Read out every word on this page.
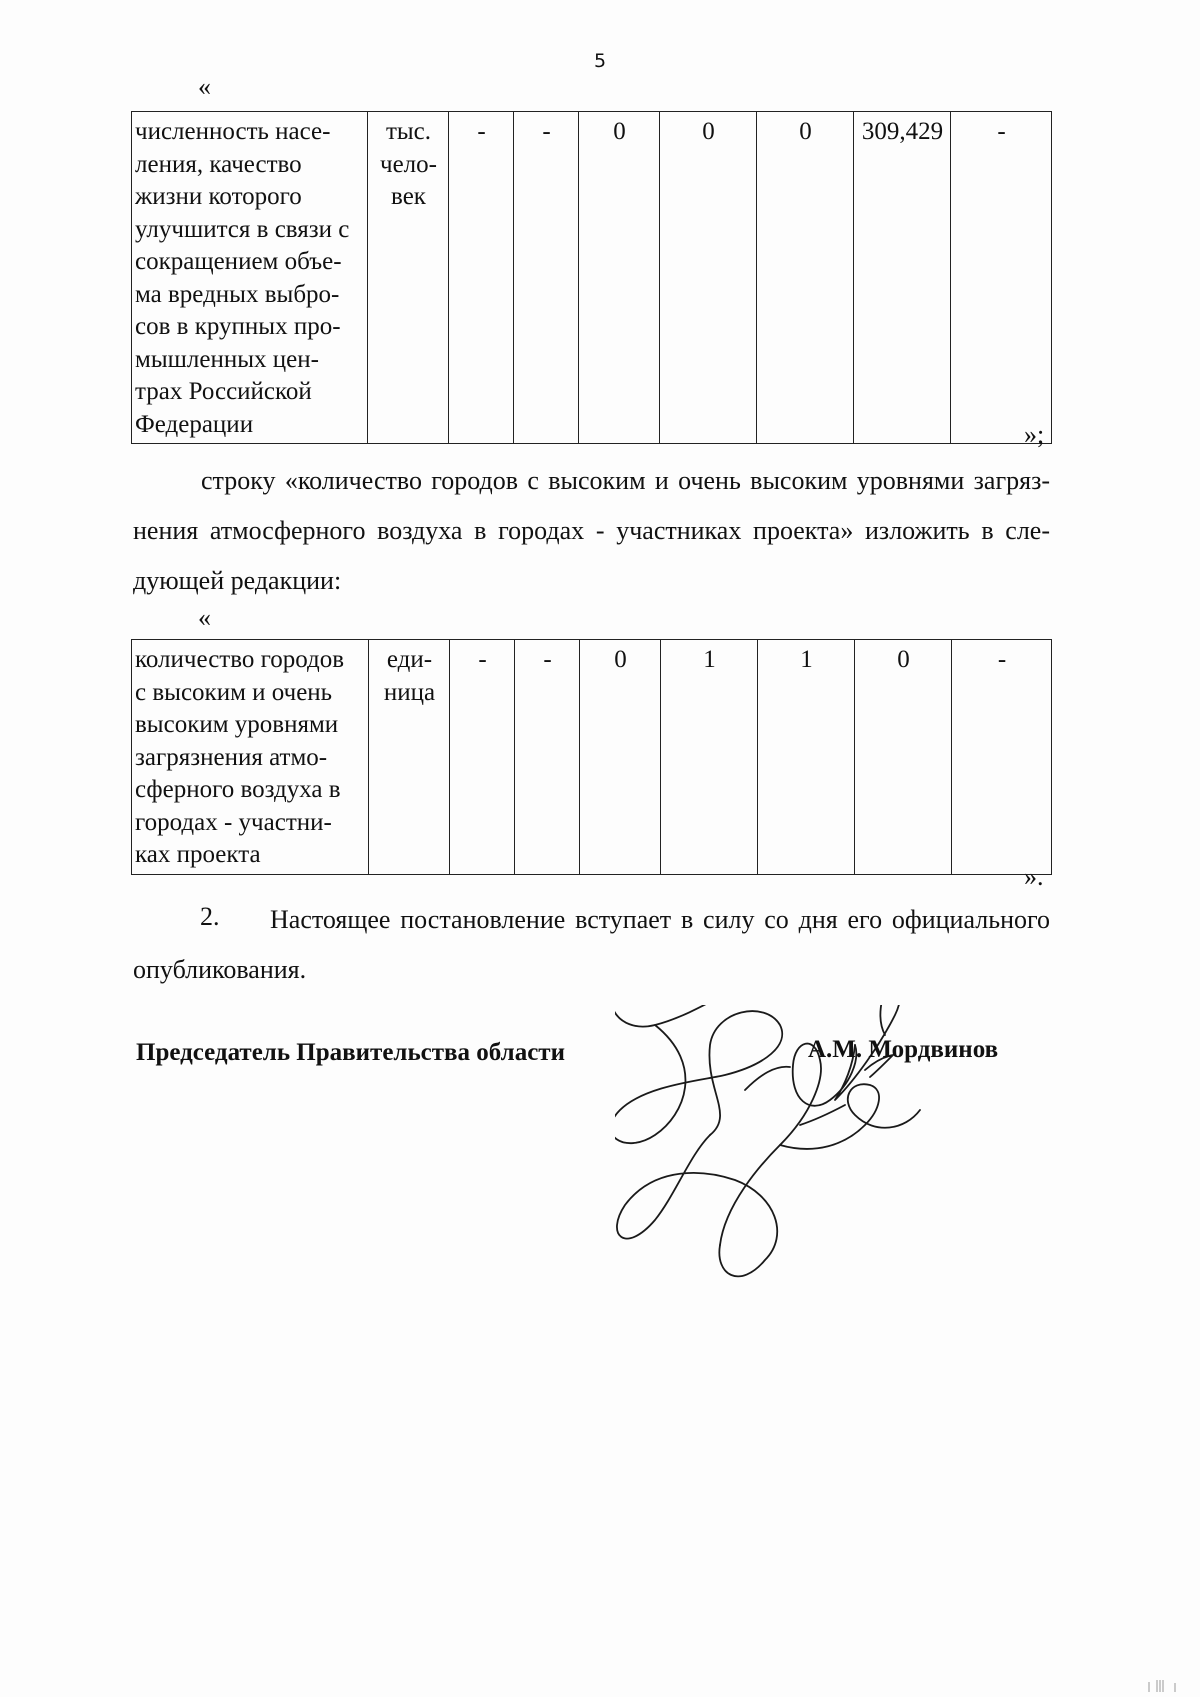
5
«
численность насе-
ления, качество
жизни которого
улучшится в связи с
сокращением объе-
ма вредных выбро-
сов в крупных про-
мышленных цен-
трах Российской
Федерации

тыс.
чело-
век
	-	-	0	0	0	309,429	-
»;
строку «количество городов с высоким и очень высоким уровнями загряз-
нения атмосферного воздуха в городах - участниках проекта» изложить в сле-
дующей редакции:
«
количество городов
с высоким и очень
высоким уровнями
загрязнения атмо-
сферного воздуха в
городах - участни-
ках проекта

еди-
ница
	-	-	0	1	1	0	-
».
2.	Настоящее постановление вступает в силу со дня его официального
опубликования.
Председатель Правительства области	А.М. Мордвинов
